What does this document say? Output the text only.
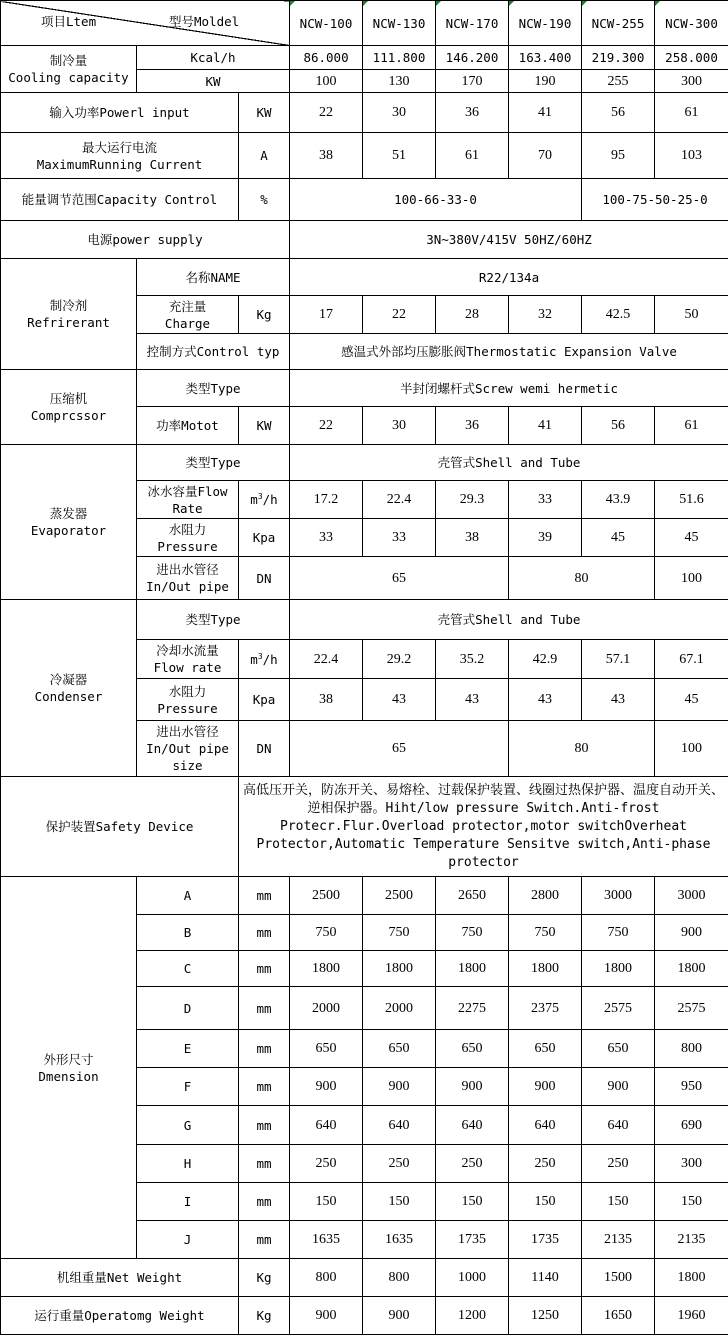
项目Ltem 型号Moldel			NCW-100	NCW-130	NCW-170	NCW-190	NCW-255	NCW-300

制冷量
Cooling capacity	Kcal/h		86.000	111.800	146.200	163.400	219.300	258.000
	KW		100	130	170	190	255	300
输入功率Powerl input		KW	22	30	36	41	56	61

最大运行电流
MaximumRunning Current		A	38	51	61	70	95	103
能量调节范围Capacity Control		%	100-66-33-0				100-75-50-25-0	
电源power supply			3N~380V/415V 50HZ/60HZ					

制冷剂
Refrirerant	名称NAME		R22/134a					

	充注量
Charge	Kg	17	22	28	32	42.5	50
	控制方式Control typ		感温式外部均压膨胀阀Thermostatic Expansion Valve					

压缩机
Comprcssor	类型Type		半封闭螺杆式Screw wemi hermetic					
	功率Motot	KW	22	30	36	41	56	61

蒸发器
Evaporator	类型Type		壳管式Shell and Tube					

	冰水容量Flow
Rate	$m^3/h$	17.2	22.4	29.3	33	43.9	51.6

	水阻力
Pressure	Kpa	33	33	38	39	45	45

	进出水管径
In/Out pipe	DN	65			80		100

冷凝器
Condenser	类型Type		壳管式Shell and Tube					

	冷却水流量
Flow rate	$m^3/h$	22.4	29.2	35.2	42.9	57.1	67.1

	水阻力
Pressure	Kpa	38	43	43	43	43	45

	进出水管径
In/Out pipe
size	DN	65			80		100
保护装置Safety Device		高低压开关，防冻开关、易熔栓、过载保护装置、线圈过热保护器、温度自动开关、逆相保护器。Hiht/low pressure Switch.Anti-frost Protecr.Flur.Overload protector,motor switchOverheat Protector,Automatic Temperature Sensitve switch,Anti-phase protector						

外形尺寸
Dmension	A	mm	2500	2500	2650	2800	3000	3000
	B	mm	750	750	750	750	750	900
	C	mm	1800	1800	1800	1800	1800	1800
	D	mm	2000	2000	2275	2375	2575	2575
	E	mm	650	650	650	650	650	800
	F	mm	900	900	900	900	900	950
	G	mm	640	640	640	640	640	690
	H	mm	250	250	250	250	250	300
	I	mm	150	150	150	150	150	150
	J	mm	1635	1635	1735	1735	2135	2135
机组重量Net Weight		Kg	800	800	1000	1140	1500	1800
运行重量Operatomg Weight		Kg	900	900	1200	1250	1650	1960
